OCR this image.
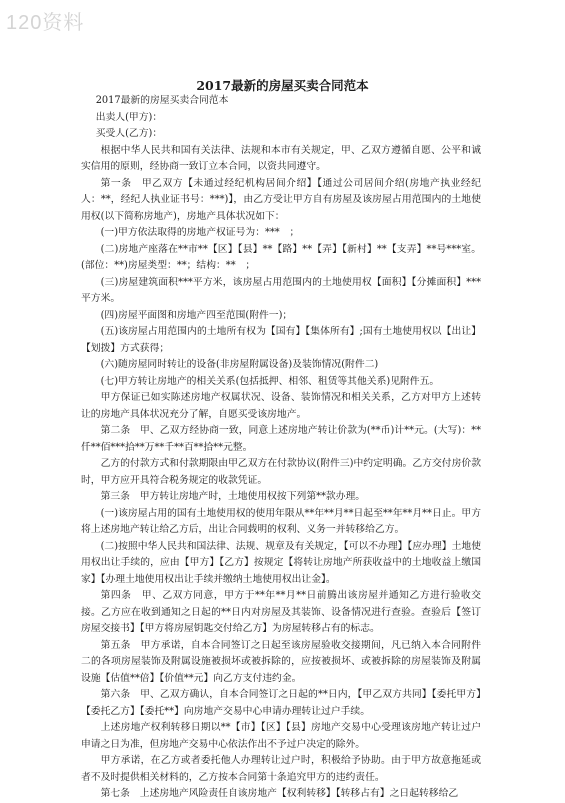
120资料
2017最新的房屋买卖合同范本

2017最新的房屋买卖合同范本

出卖人(甲方)：

买受人(乙方)：

根据中华人民共和国有关法律、法规和本市有关规定，甲、乙双方遵循自愿、公平和诚实信用的原则，经协商一致订立本合同，以资共同遵守。

第一条　甲乙双方【未通过经纪机构居间介绍】【通过公司居间介绍(房地产执业经纪人：**，经纪人执业证书号：***)】，由乙方受让甲方自有房屋及该房屋占用范围内的土地使用权(以下简称房地产)，房地产具体状况如下：

(一)甲方依法取得的房地产权证号为：***　；

(二)房地产座落在**市**【区】【县】**【路】**【弄】【新村】**【支弄】**号***室。(部位：**)房屋类型：**；结构：**　；

(三)房屋建筑面积***平方米，该房屋占用范围内的土地使用权【面积】【分摊面积】***平方米。

(四)房屋平面图和房地产四至范围(附件一)；

(五)该房屋占用范围内的土地所有权为【国有】【集体所有】;国有土地使用权以【出让】【划拨】方式获得；

(六)随房屋同时转让的设备(非房屋附属设备)及装饰情况(附件二)

(七)甲方转让房地产的相关关系(包括抵押、相邻、租赁等其他关系)见附件五。

甲方保证已如实陈述房地产权属状况、设备、装饰情况和相关关系，乙方对甲方上述转让的房地产具体状况充分了解，自愿买受该房地产。

第二条　甲、乙双方经协商一致，同意上述房地产转让价款为(**币)计**元。(大写)：**仟**佰***拾**万**千**百**拾**元整。

乙方的付款方式和付款期限由甲乙双方在付款协议(附件三)中约定明确。乙方交付房价款时，甲方应开具符合税务规定的收款凭证。

第三条　甲方转让房地产时，土地使用权按下列第**款办理。

(一)该房屋占用的国有土地使用权的使用年限从**年**月**日起至**年**月**日止。甲方将上述房地产转让给乙方后，出让合同载明的权利、义务一并转移给乙方。

(二)按照中华人民共和国法律、法规、规章及有关规定，【可以不办理】【应办理】土地使用权出让手续的，应由【甲方】【乙方】按规定【将转让房地产所获收益中的土地收益上缴国家】【办理土地使用权出让手续并缴纳土地使用权出让金】。

第四条　甲、乙双方同意，甲方于**年**月**日前腾出该房屋并通知乙方进行验收交接。乙方应在收到通知之日起的**日内对房屋及其装饰、设备情况进行查验。查验后【签订房屋交接书】【甲方将房屋钥匙交付给乙方】为房屋转移占有的标志。

第五条　甲方承诺，自本合同签订之日起至该房屋验收交接期间，凡已纳入本合同附件二的各项房屋装饰及附属设施被损坏或被拆除的，应按被损坏、或被拆除的房屋装饰及附属设施【估值**倍】【价值**元】向乙方支付违约金。

第六条　甲、乙双方确认，自本合同签订之日起的**日内，【甲乙双方共同】【委托甲方】【委托乙方】【委托**】向房地产交易中心申请办理转让过户手续。

上述房地产权利转移日期以**【市】【区】【县】房地产交易中心受理该房地产转让过户申请之日为准，但房地产交易中心依法作出不予过户决定的除外。

甲方承诺，在乙方或者委托他人办理转让过户时，积极给予协助。由于甲方故意拖延或者不及时提供相关材料的，乙方按本合同第十条追究甲方的违约责任。

第七条　上述房地产风险责任自该房地产【权利转移】【转移占有】之日起转移给乙
